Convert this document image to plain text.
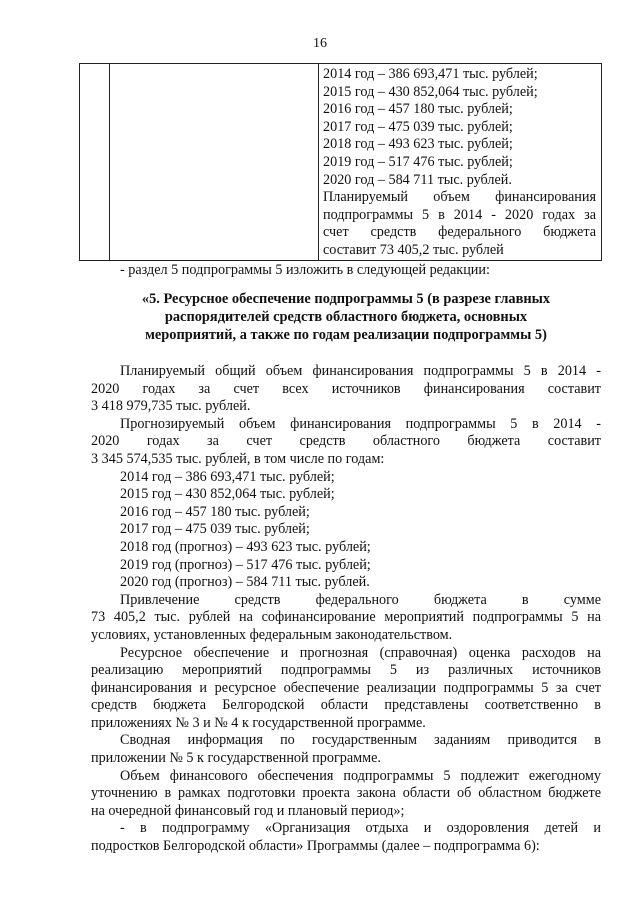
16
2014 год – 386 693,471 тыс. рублей;
2015 год – 430 852,064 тыс. рублей;
2016 год – 457 180 тыс. рублей;
2017 год – 475 039 тыс. рублей;
2018 год – 493 623 тыс. рублей;
2019 год – 517 476 тыс. рублей;
2020 год – 584 711 тыс. рублей.
Планируемый объем финансирования
подпрограммы 5 в 2014 - 2020 годах за
счет средств федерального бюджета
составит 73 405,2 тыс. рублей
- раздел 5 подпрограммы 5 изложить в следующей редакции:
«5. Ресурсное обеспечение подпрограммы 5 (в разрезе главных
распорядителей средств областного бюджета, основных
мероприятий, а также по годам реализации подпрограммы 5)
Планируемый общий объем финансирования подпрограммы 5 в 2014 -
2020 годах за счет всех источников финансирования составит
3 418 979,735 тыс. рублей.
Прогнозируемый объем финансирования подпрограммы 5 в 2014 -
2020 годах за счет средств областного бюджета составит
3 345 574,535 тыс. рублей, в том числе по годам:
2014 год – 386 693,471 тыс. рублей;
2015 год – 430 852,064 тыс. рублей;
2016 год – 457 180 тыс. рублей;
2017 год – 475 039 тыс. рублей;
2018 год (прогноз) – 493 623 тыс. рублей;
2019 год (прогноз) – 517 476 тыс. рублей;
2020 год (прогноз) – 584 711 тыс. рублей.
Привлечение средств федерального бюджета в сумме
73 405,2 тыс. рублей на софинансирование мероприятий подпрограммы 5 на
условиях, установленных федеральным законодательством.
Ресурсное обеспечение и прогнозная (справочная) оценка расходов на
реализацию мероприятий подпрограммы 5 из различных источников
финансирования и ресурсное обеспечение реализации подпрограммы 5 за счет
средств бюджета Белгородской области представлены соответственно в
приложениях № 3 и № 4 к государственной программе.
Сводная информация по государственным заданиям приводится в
приложении № 5 к государственной программе.
Объем финансового обеспечения подпрограммы 5 подлежит ежегодному
уточнению в рамках подготовки проекта закона области об областном бюджете
на очередной финансовый год и плановый период»;
- в подпрограмму «Организация отдыха и оздоровления детей и
подростков Белгородской области» Программы (далее – подпрограмма 6):
